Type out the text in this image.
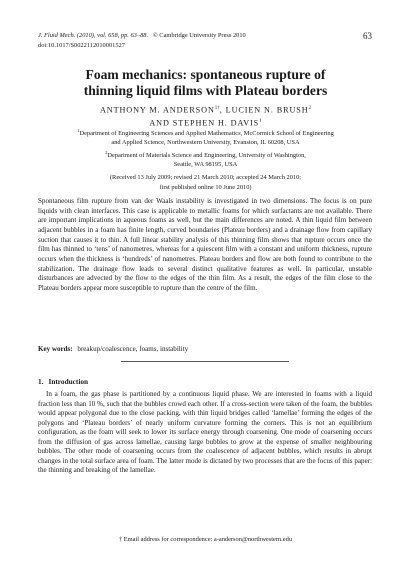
J. Fluid Mech. (2010), vol. 658, pp. 63–88. © Cambridge University Press 2010
doi:10.1017/S0022112010001527
63
Foam mechanics: spontaneous rupture of
thinning liquid films with Plateau borders
ANTHONY M. $ANDERSON^{1\dagger}$, LUCIEN N. BRUSH$^2$
AND STEPHEN H. DAVIS$^1$
$^1$Department of Engineering Sciences and Applied Mathematics, McCormick School of Engineering
and Applied Science, Northwestern University, Evanston, IL 60208, USA
$^2$Department of Materials Science and Engineering, University of Washington,
Seattle, WA 98195, USA
(Received 13 July 2009; revised 21 March 2010; accepted 24 March 2010;
first published online 10 June 2010)

Spontaneous film rupture from van der Waals instability is investigated in two dimensions. The focus is on pure liquids with clean interfaces. This case is applicable to metallic foams for which surfactants are not available. There are important implications in aqueous foams as well, but the main differences are noted. A thin liquid film between adjacent bubbles in a foam has finite length, curved boundaries (Plateau borders) and a drainage flow from capillary suction that causes it to thin. A full linear stability analysis of this thinning film shows that rupture occurs once the film has thinned to ‘tens’ of nanometres, whereas for a quiescent film with a constant and uniform thickness, rupture occurs when the thickness is ‘hundreds’ of nanometres. Plateau borders and flow are both found to contribute to the stabilization. The drainage flow leads to several distinct qualitative features as well. In particular, unstable disturbances are advected by the flow to the edges of the thin film. As a result, the edges of the film close to the Plateau borders appear more susceptible to rupture than the centre of the film.

Key words: breakup/coalescence, foams, instability
1. Introduction

In a foam, the gas phase is partitioned by a continuous liquid phase. We are interested in foams with a liquid fraction less than 10 %, such that the bubbles crowd each other. If a cross-section were taken of the foam, the bubbles would appear polygonal due to the close packing, with thin liquid bridges called ‘lamellae’ forming the edges of the polygons and ‘Plateau borders’ of nearly uniform curvature forming the corners. This is not an equilibrium configuration, as the foam will seek to lower its surface energy through coarsening. One mode of coarsening occurs from the diffusion of gas across lamellae, causing large bubbles to grow at the expense of smaller neighbouring bubbles. The other mode of coarsening occurs from the coalescence of adjacent bubbles, which results in abrupt changes in the total surface area of foam. The latter mode is dictated by two processes that are the focus of this paper: the thinning and breaking of the lamellae.

† Email address for correspondence: a-anderson@northwestern.edu
